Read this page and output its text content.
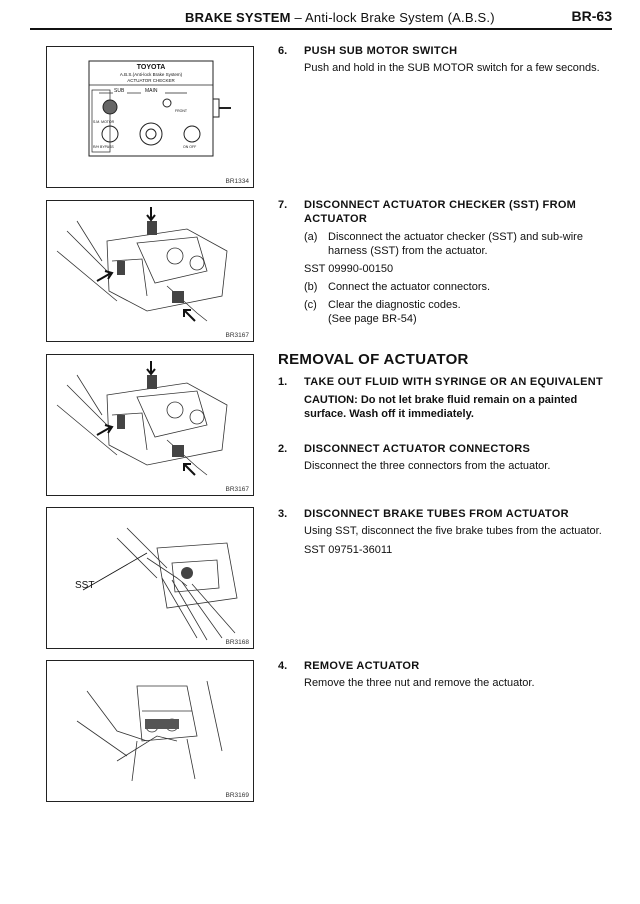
BRAKE SYSTEM – Anti-lock Brake System (A.B.S.)	BR-63
TOYOTA
A.B.S.(Anti-lock Brake System)
ACTUATOR CHECKER
SUB	MAIN
FRONT
S.M. MOTOR
R/H BYPASS	ON OFF
BR1334
BR3167
BR3167
SST
BR3168
BR3169
6. PUSH SUB MOTOR SWITCH
Push and hold in the SUB MOTOR switch for a few seconds.
7. DISCONNECT ACTUATOR CHECKER (SST) FROM ACTUATOR
(a) Disconnect the actuator checker (SST) and sub-wire harness (SST) from the actuator.
SST 09990-00150
(b) Connect the actuator connectors.
(c) Clear the diagnostic codes.
(See page BR-54)
1. TAKE OUT FLUID WITH SYRINGE OR AN EQUIVALENT
CAUTION: Do not let brake fluid remain on a painted surface. Wash off it immediately.
2. DISCONNECT ACTUATOR CONNECTORS
Disconnect the three connectors from the actuator.
3. DISCONNECT BRAKE TUBES FROM ACTUATOR
Using SST, disconnect the five brake tubes from the actuator.
SST 09751-36011
4. REMOVE ACTUATOR
Remove the three nut and remove the actuator.
REMOVAL OF ACTUATOR
